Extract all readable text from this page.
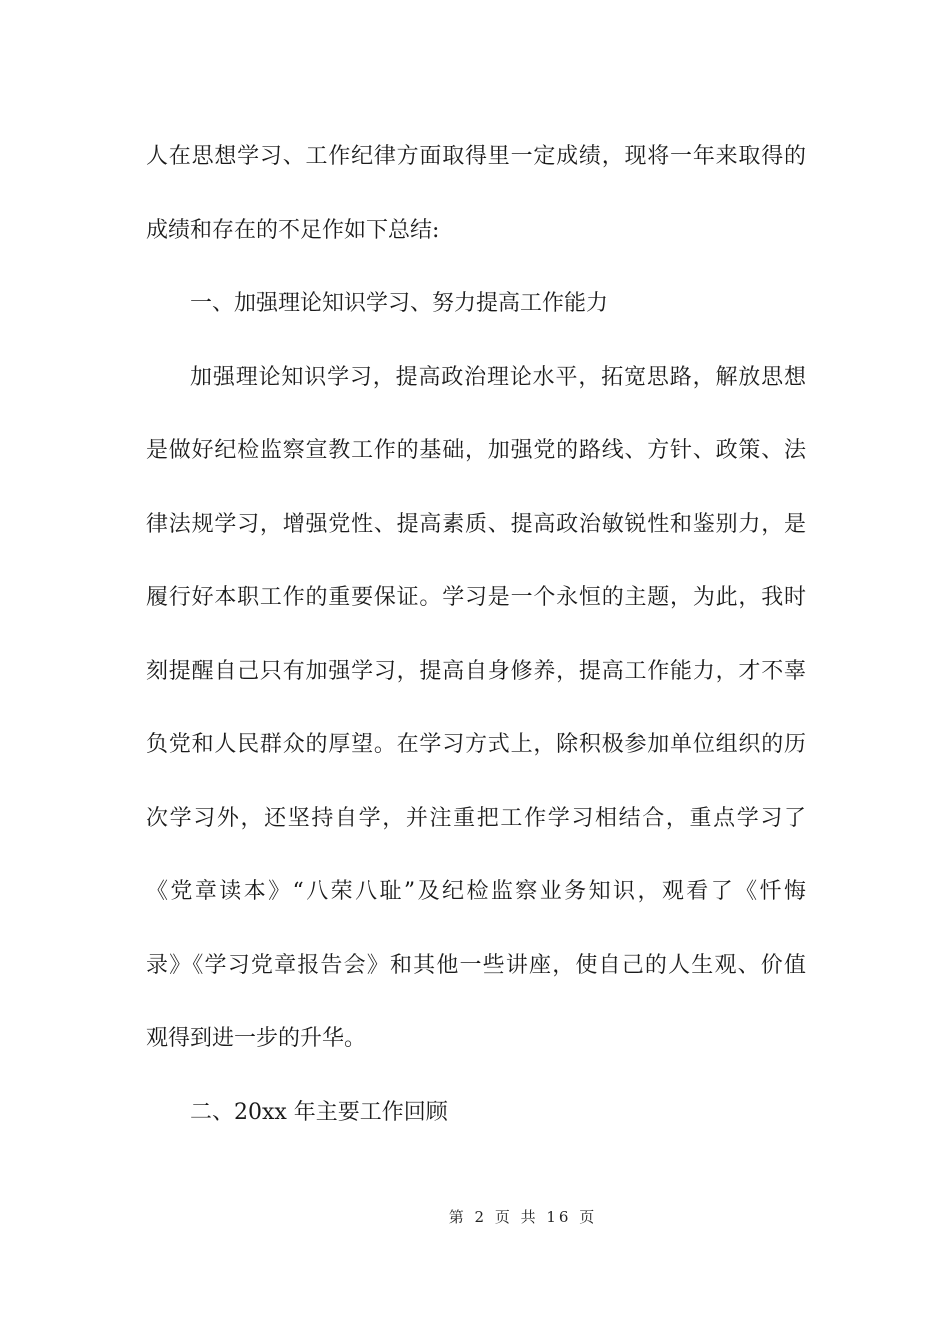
人在思想学习、工作纪律方面取得里一定成绩，现将一年来取得的
成绩和存在的不足作如下总结:
一、加强理论知识学习、努力提高工作能力
加强理论知识学习，提高政治理论水平，拓宽思路，解放思想
是做好纪检监察宣教工作的基础，加强党的路线、方针、政策、法
律法规学习，增强党性、提高素质、提高政治敏锐性和鉴别力，是
履行好本职工作的重要保证。学习是一个永恒的主题，为此，我时
刻提醒自己只有加强学习，提高自身修养，提高工作能力，才不辜
负党和人民群众的厚望。在学习方式上，除积极参加单位组织的历
次学习外，还坚持自学，并注重把工作学习相结合，重点学习了
《党章读本》“八荣八耻”及纪检监察业务知识，观看了《忏悔
录》《学习党章报告会》和其他一些讲座，使自己的人生观、价值
观得到进一步的升华。
二、20xx 年主要工作回顾
第 2 页 共 16 页
